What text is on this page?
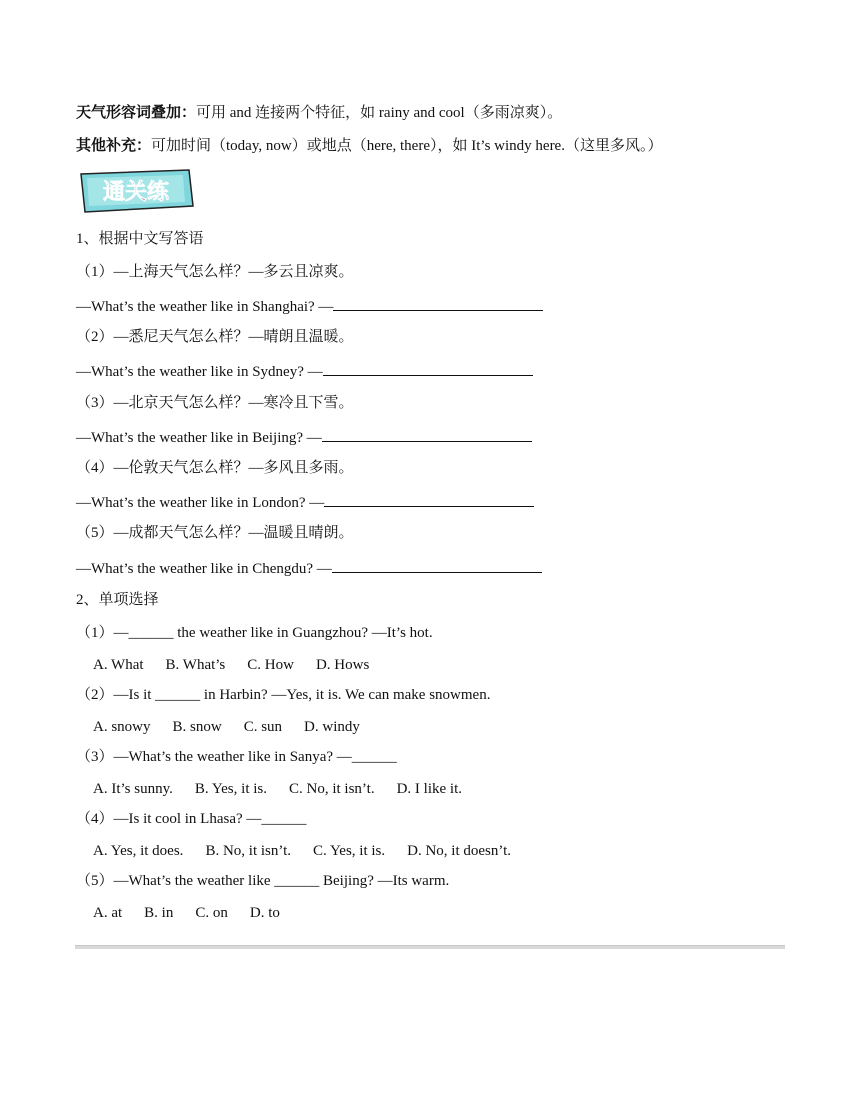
天气形容词叠加：可用 and 连接两个特征，如 rainy and cool（多雨凉爽）。
其他补充：可加时间（today, now）或地点（here, there），如 It’s windy here.（这里多风。）
通关练
1、根据中文写答语
（1）—上海天气怎么样？—多云且凉爽。
—What’s the weather like in Shanghai? —
（2）—悉尼天气怎么样？—晴朗且温暖。
—What’s the weather like in Sydney? —
（3）—北京天气怎么样？—寒冷且下雪。
—What’s the weather like in Beijing? —
（4）—伦敦天气怎么样？—多风且多雨。
—What’s the weather like in London? —
（5）—成都天气怎么样？—温暖且晴朗。
—What’s the weather like in Chengdu? —
2、单项选择
（1）—______ the weather like in Guangzhou? —It’s hot.
A. What B. What’s C. How D. Hows
（2）—Is it ______ in Harbin? —Yes, it is. We can make snowmen.
A. snowy B. snow C. sun D. windy
（3）—What’s the weather like in Sanya? —______
A. It’s sunny. B. Yes, it is. C. No, it isn’t. D. I like it.
（4）—Is it cool in Lhasa? —______
A. Yes, it does. B. No, it isn’t. C. Yes, it is. D. No, it doesn’t.
（5）—What’s the weather like ______ Beijing? —Its warm.
A. at B. in C. on D. to
